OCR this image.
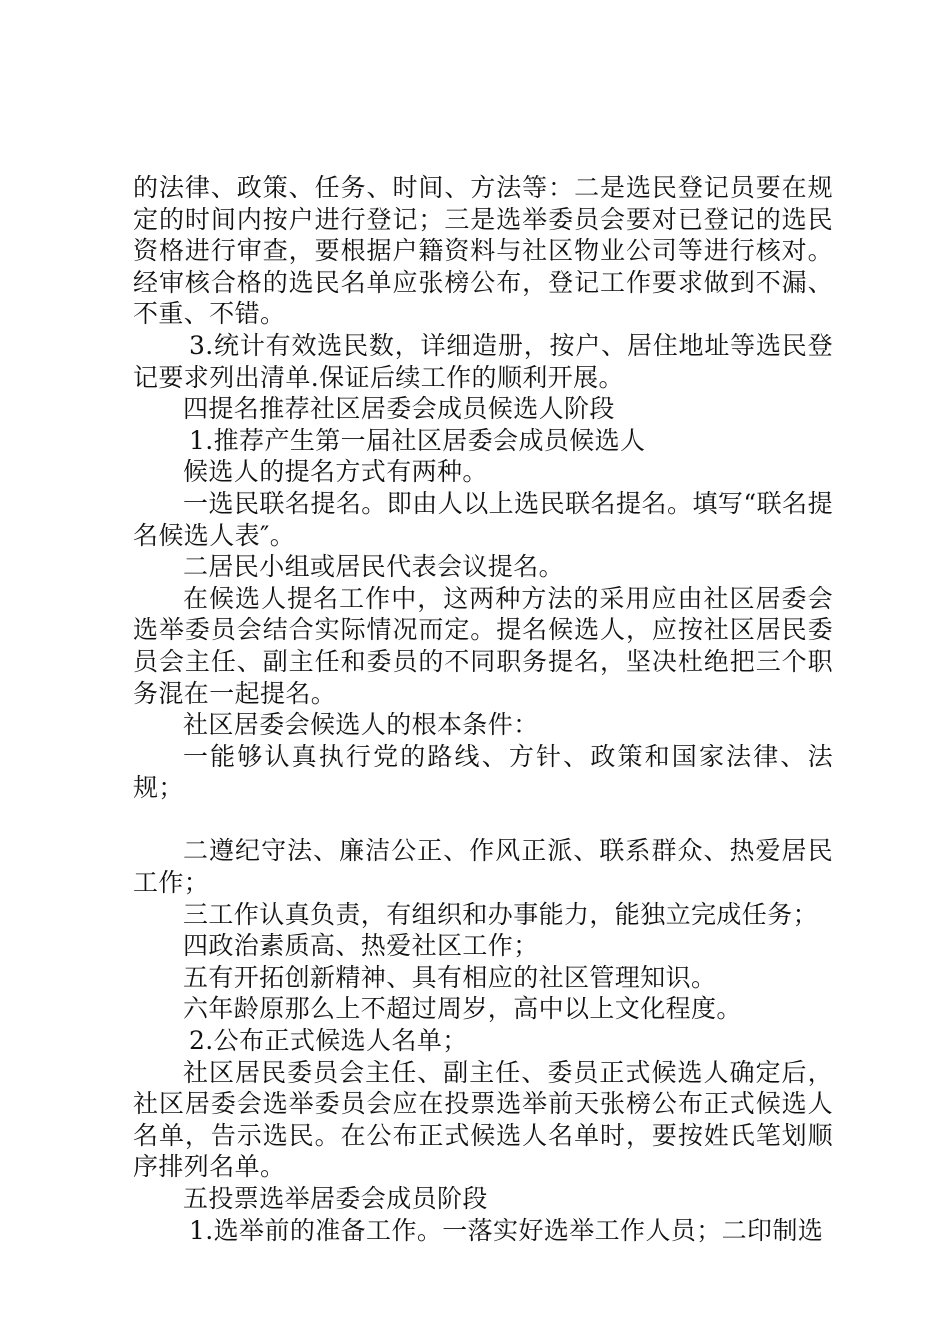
的法律、政策、任务、时间、方法等：二是选民登记员要在规定的时间内按户进行登记；三是选举委员会要对已登记的选民资格进行审查，要根据户籍资料与社区物业公司等进行核对。经审核合格的选民名单应张榜公布，登记工作要求做到不漏、不重、不错。

3.统计有效选民数，详细造册，按户、居住地址等选民登记要求列出清单.保证后续工作的顺利开展。

四提名推荐社区居委会成员候选人阶段

1.推荐产生第一届社区居委会成员候选人

候选人的提名方式有两种。

一选民联名提名。即由人以上选民联名提名。填写“联名提名候选人表″。

二居民小组或居民代表会议提名。

在候选人提名工作中，这两种方法的采用应由社区居委会选举委员会结合实际情况而定。提名候选人，应按社区居民委员会主任、副主任和委员的不同职务提名，坚决杜绝把三个职务混在一起提名。

社区居委会候选人的根本条件：

一能够认真执行党的路线、方针、政策和国家法律、法规；

二遵纪守法、廉洁公正、作风正派、联系群众、热爱居民工作；

三工作认真负责，有组织和办事能力，能独立完成任务；

四政治素质高、热爱社区工作；

五有开拓创新精神、具有相应的社区管理知识。

六年龄原那么上不超过周岁，高中以上文化程度。

2.公布正式候选人名单；

社区居民委员会主任、副主任、委员正式候选人确定后，社区居委会选举委员会应在投票选举前天张榜公布正式候选人名单，告示选民。在公布正式候选人名单时，要按姓氏笔划顺序排列名单。

五投票选举居委会成员阶段

1.选举前的准备工作。一落实好选举工作人员；二印制选
